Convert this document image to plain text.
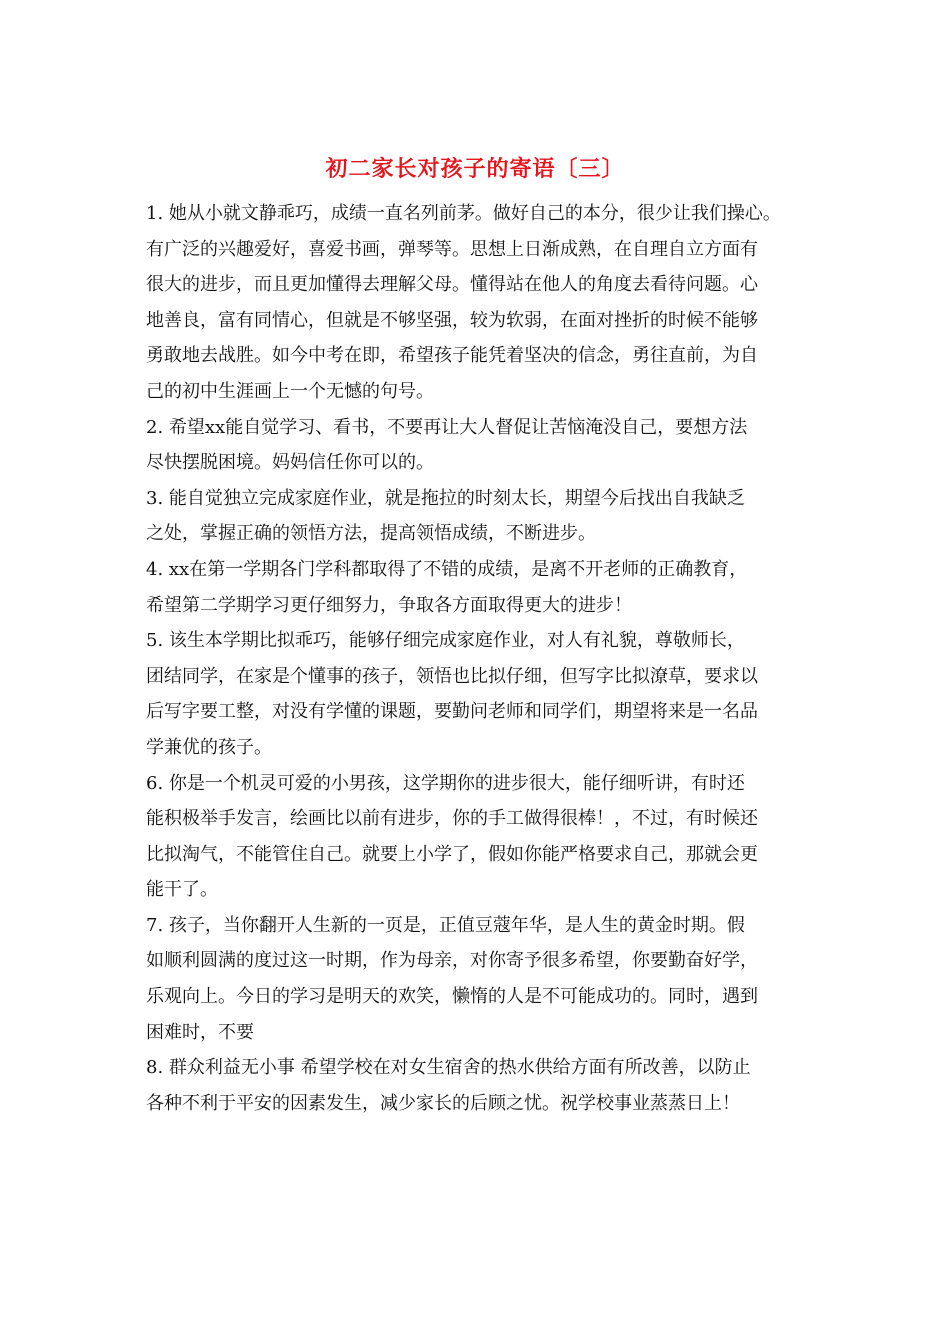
初二家长对孩子的寄语〔三〕
1. 她从小就文静乖巧，成绩一直名列前茅。做好自己的本分，很少让我们操心。
有广泛的兴趣爱好，喜爱书画，弹琴等。思想上日渐成熟，在自理自立方面有
很大的进步，而且更加懂得去理解父母。懂得站在他人的角度去看待问题。心
地善良，富有同情心，但就是不够坚强，较为软弱，在面对挫折的时候不能够
勇敢地去战胜。如今中考在即，希望孩子能凭着坚决的信念，勇往直前，为自
己的初中生涯画上一个无憾的句号。
2. 希望xx能自觉学习、看书，不要再让大人督促让苦恼淹没自己，要想方法
尽快摆脱困境。妈妈信任你可以的。
3. 能自觉独立完成家庭作业，就是拖拉的时刻太长，期望今后找出自我缺乏
之处，掌握正确的领悟方法，提高领悟成绩，不断进步。
4. xx在第一学期各门学科都取得了不错的成绩，是离不开老师的正确教育，
希望第二学期学习更仔细努力，争取各方面取得更大的进步！
5. 该生本学期比拟乖巧，能够仔细完成家庭作业，对人有礼貌，尊敬师长，
团结同学，在家是个懂事的孩子，领悟也比拟仔细，但写字比拟潦草，要求以
后写字要工整，对没有学懂的课题，要勤问老师和同学们，期望将来是一名品
学兼优的孩子。
6. 你是一个机灵可爱的小男孩，这学期你的进步很大，能仔细听讲，有时还
能积极举手发言，绘画比以前有进步，你的手工做得很棒！，不过，有时候还
比拟淘气，不能管住自己。就要上小学了，假如你能严格要求自己，那就会更
能干了。
7. 孩子，当你翻开人生新的一页是，正值豆蔻年华，是人生的黄金时期。假
如顺利圆满的度过这一时期，作为母亲，对你寄予很多希望，你要勤奋好学，
乐观向上。今日的学习是明天的欢笑，懒惰的人是不可能成功的。同时，遇到
困难时，不要
8. 群众利益无小事 希望学校在对女生宿舍的热水供给方面有所改善，以防止
各种不利于平安的因素发生，减少家长的后顾之忧。祝学校事业蒸蒸日上！
